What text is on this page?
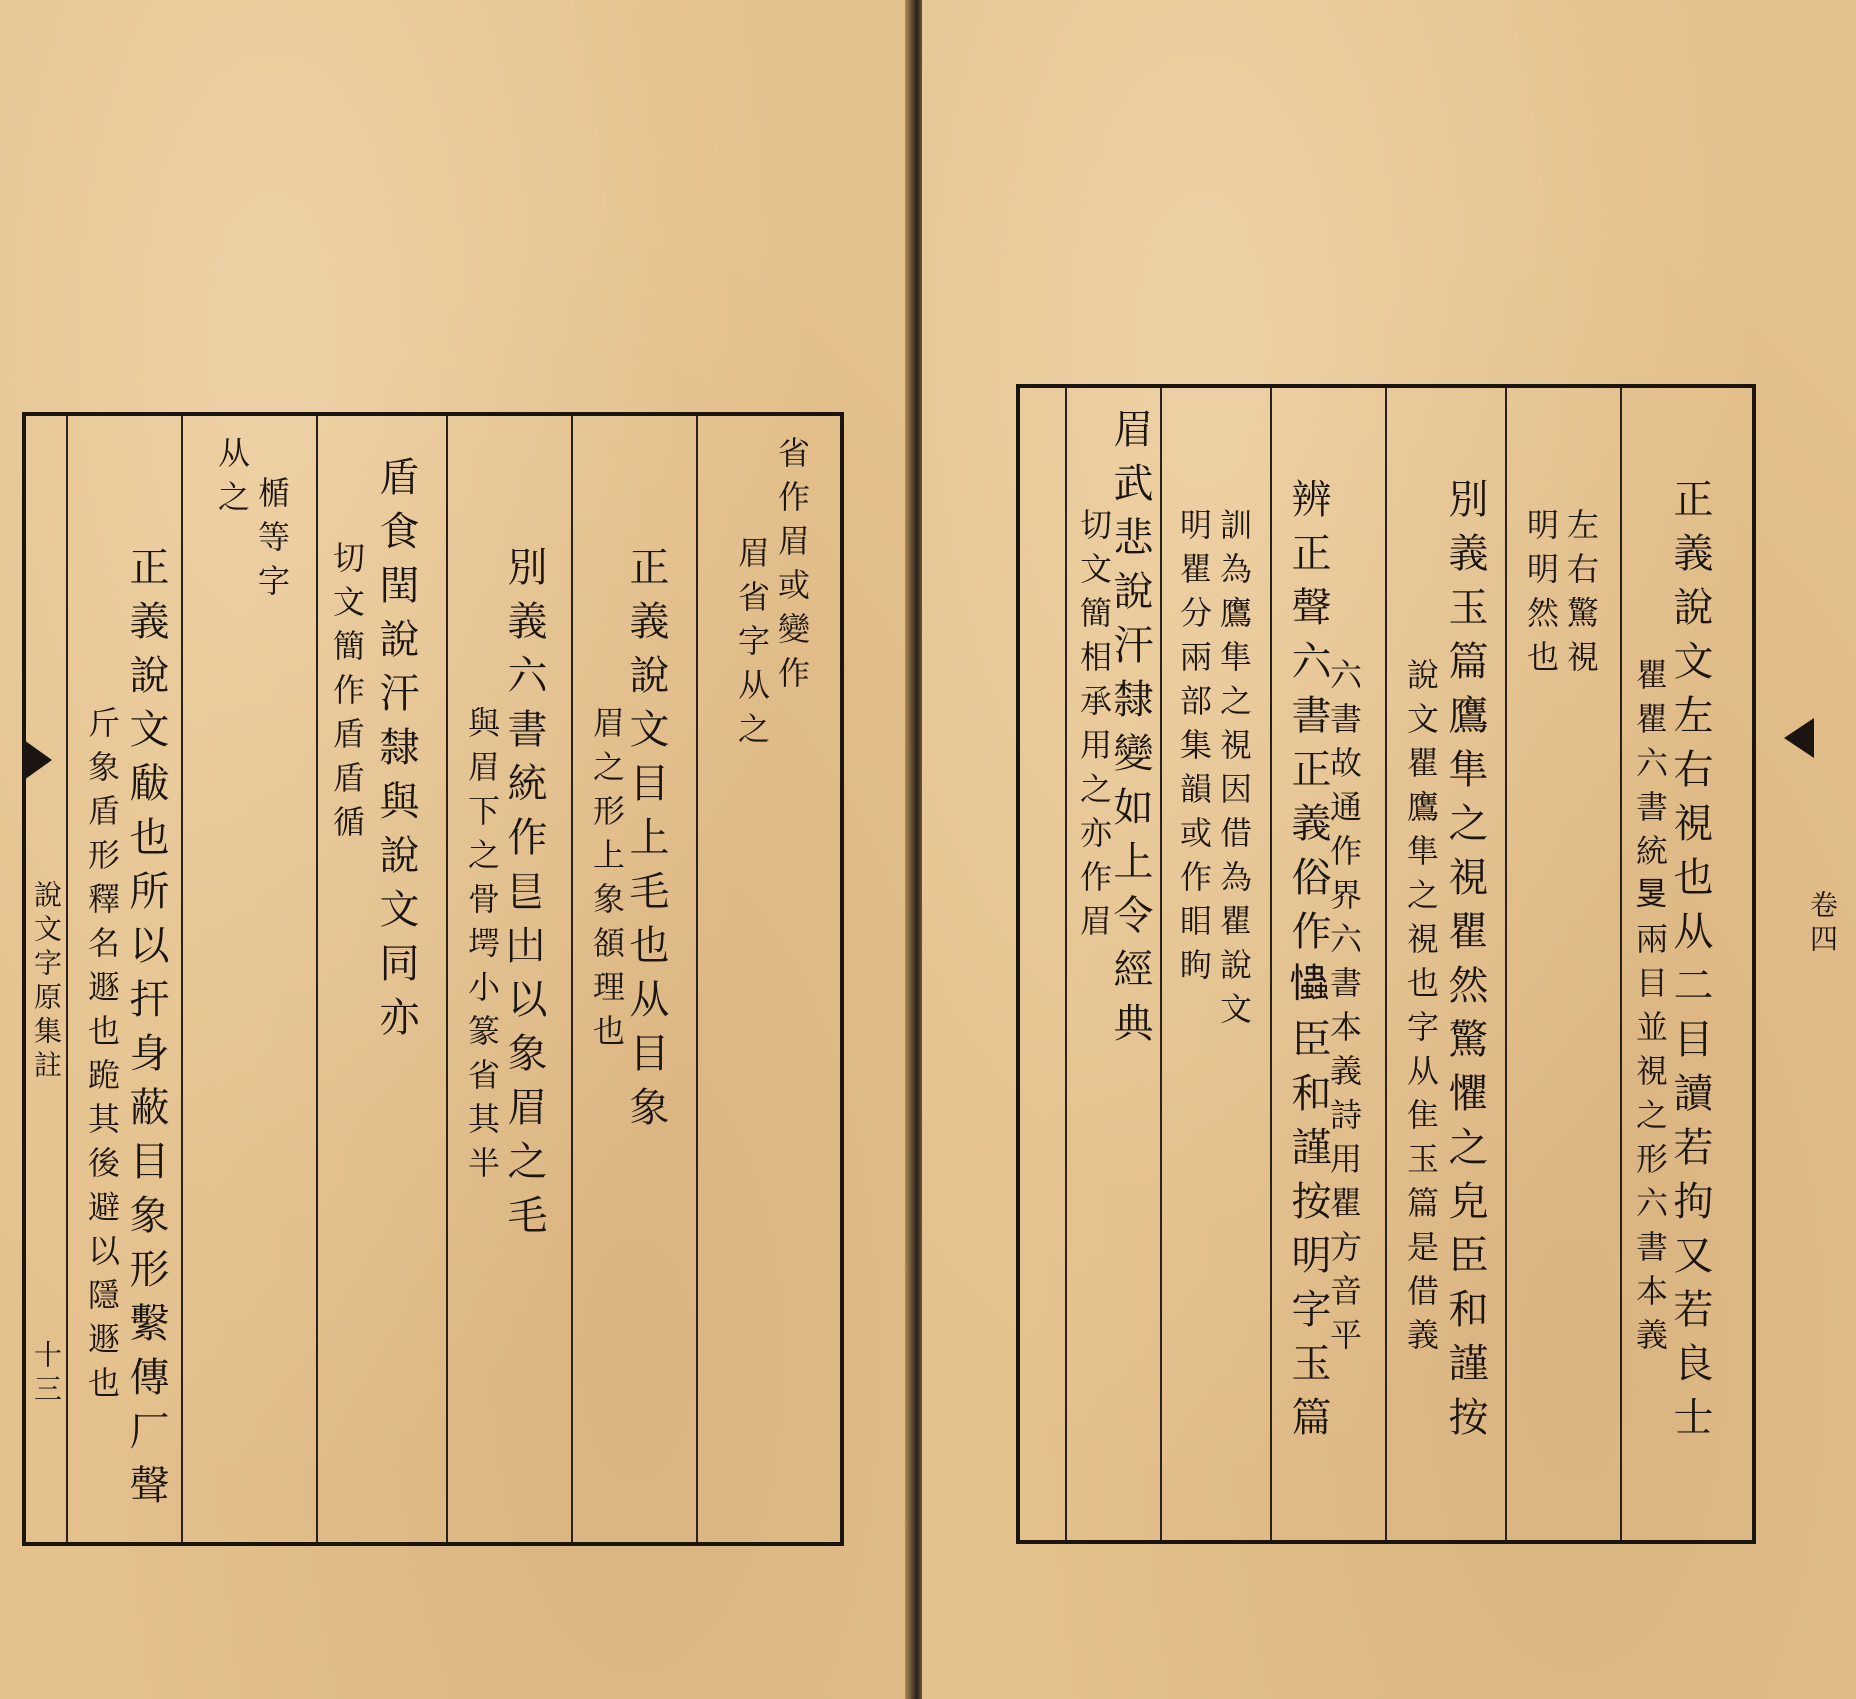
省作眉或變作
眉省字从之
正義說文目上毛也从目象
眉之形上象頟理也
別義六書統作𥃩𠙷以象眉之毛
與眉下之骨堮小篆省其半
盾食閏說汗隸與說文同亦
切文簡作盾盾循
楯等字
从之
正義說文瞂也所以扞身蔽目象形繫傳厂聲
斤象盾形釋名遯也跪其後避以隱遯也
說文字原集註
十三	正義說文左右視也从二目讀若拘又若良士
瞿瞿六書統𥄎兩目並視之形六書本義
左右驚視
明明然也
別義玉篇鷹隼之視瞿然驚懼之皃臣和謹按
說文瞿鷹隼之視也字从隹玉篇是借義
六書故通作界六書本義詩用瞿方音平
辨正聲六書正義俗作𢥞臣和謹按明字玉篇
訓為鷹隼之視因借為瞿說文
明瞿分兩部集韻或作䀠眗
眉武悲說汗隸變如上令經典
切文簡相承用之亦作眉	卷四
